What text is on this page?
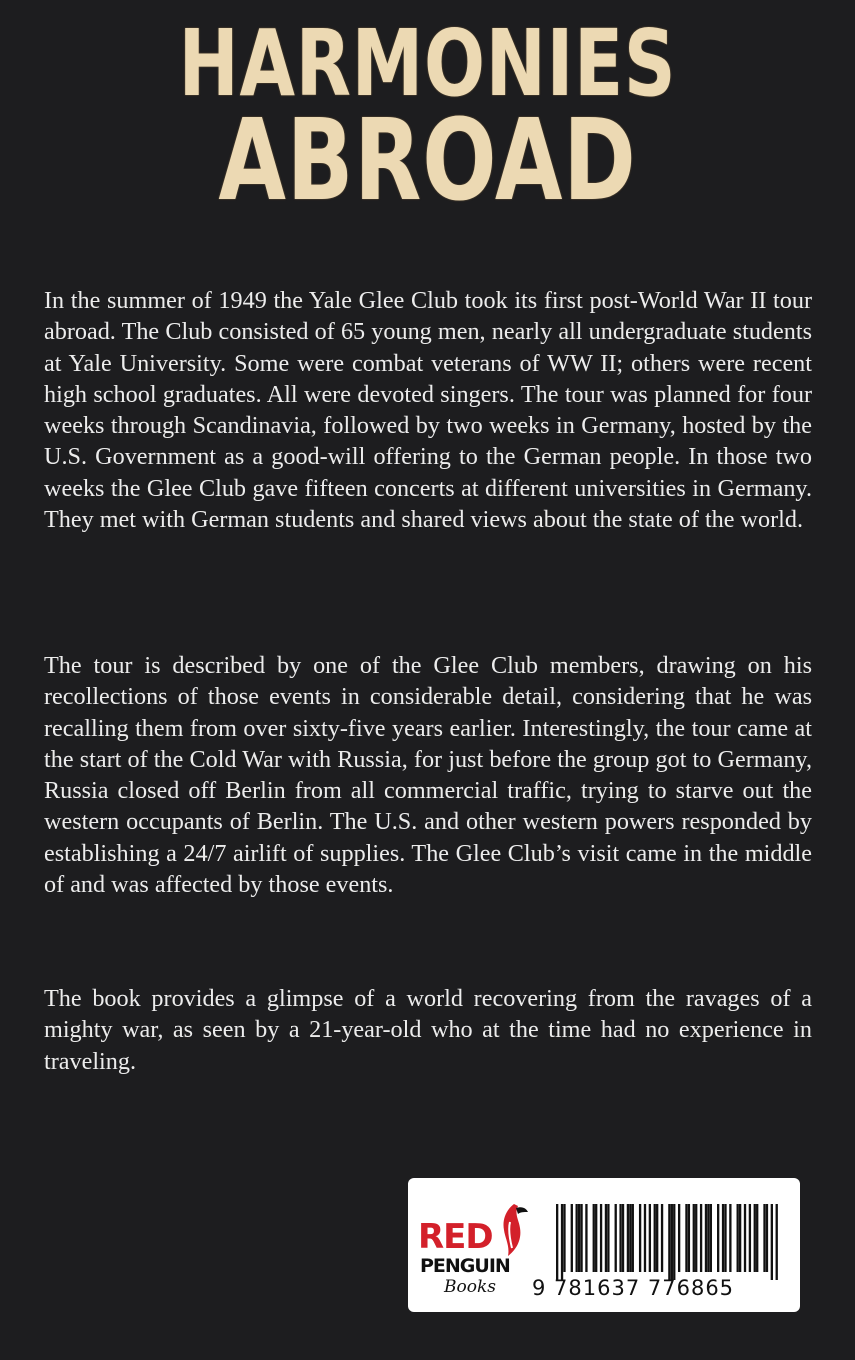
HARMONIES
ABROAD

In the summer of 1949 the Yale Glee Club took its first post-World War II tour abroad. The Club consisted of 65 young men, nearly all undergraduate students at Yale University. Some were combat veterans of WW II; others were recent high school graduates. All were devoted singers. The tour was planned for four weeks through Scandinavia, followed by two weeks in Germany, hosted by the U.S. Government as a good-will offering to the German people. In those two weeks the Glee Club gave fifteen concerts at different universities in Germany. They met with German students and shared views about the state of the world.

The tour is described by one of the Glee Club members, drawing on his recollections of those events in considerable detail, considering that he was recalling them from over sixty-five years earlier. Interestingly, the tour came at the start of the Cold War with Russia, for just before the group got to Germany, Russia closed off Berlin from all commercial traffic, trying to starve out the western occupants of Berlin. The U.S. and other western powers responded by establishing a 24/7 airlift of supplies. The Glee Club’s visit came in the middle of and was affected by those events.

The book provides a glimpse of a world recovering from the ravages of a mighty war, as seen by a 21-year-old who at the time had no experience in traveling.

RED
PENGUIN
Books 9 781637 776865
